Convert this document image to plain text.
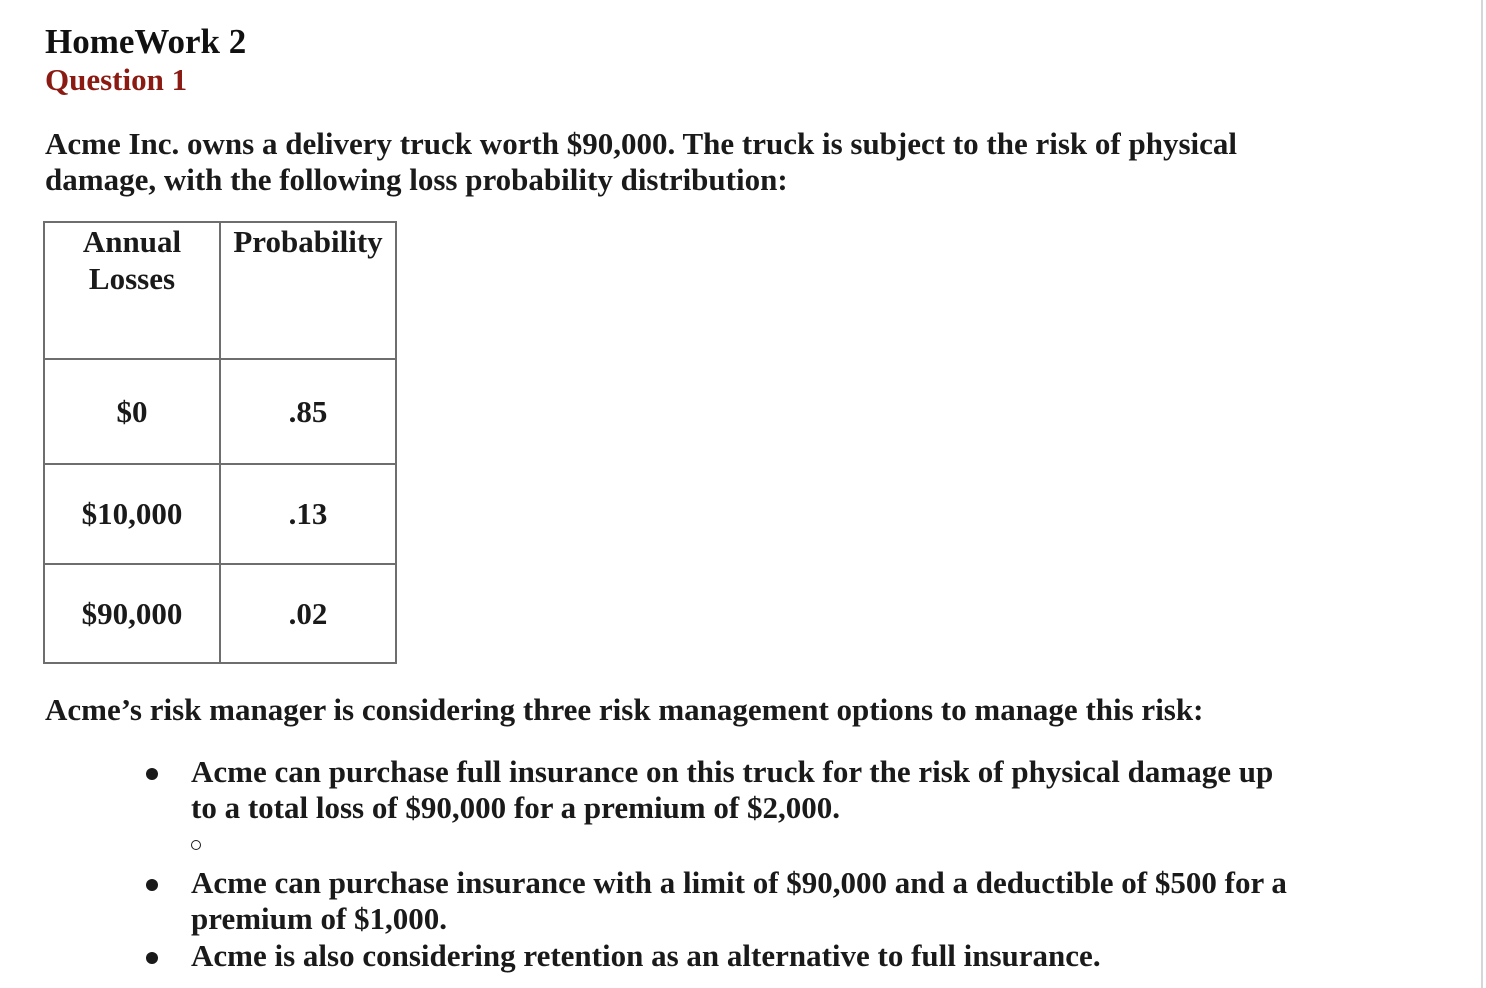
HomeWork 2
Question 1
Acme Inc. owns a delivery truck worth $90,000. The truck is subject to the risk of physical damage, with the following loss probability distribution:
Annual Losses	Probability
$0	.85
$10,000	.13
$90,000	.02
Acme’s risk manager is considering three risk management options to manage this risk:
Acme can purchase full insurance on this truck for the risk of physical damage up to a total loss of $90,000 for a premium of $2,000.
Acme can purchase insurance with a limit of $90,000 and a deductible of $500 for a premium of $1,000.
Acme is also considering retention as an alternative to full insurance.
